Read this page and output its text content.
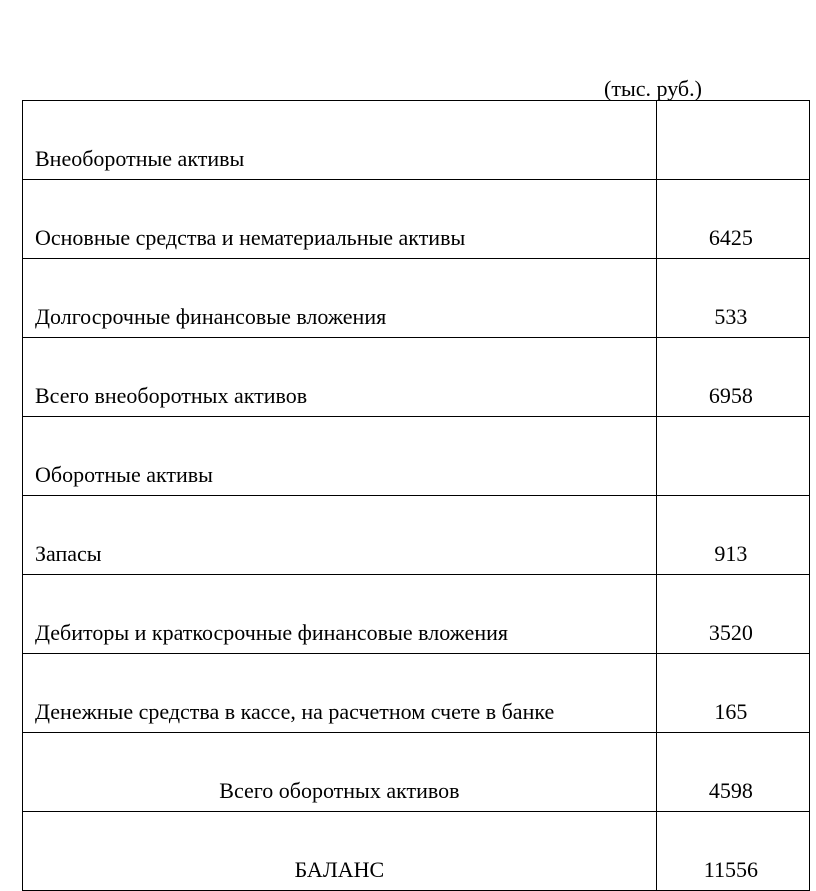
(тыс. руб.)
Внеоборотные активы	
Основные средства и нематериальные активы	6425
Долгосрочные финансовые вложения	533
Всего внеоборотных активов	6958
Оборотные активы	
Запасы	913
Дебиторы и краткосрочные финансовые вложения	3520
Денежные средства в кассе, на расчетном счете в банке	165
Всего оборотных активов	4598
БАЛАНС	11556
